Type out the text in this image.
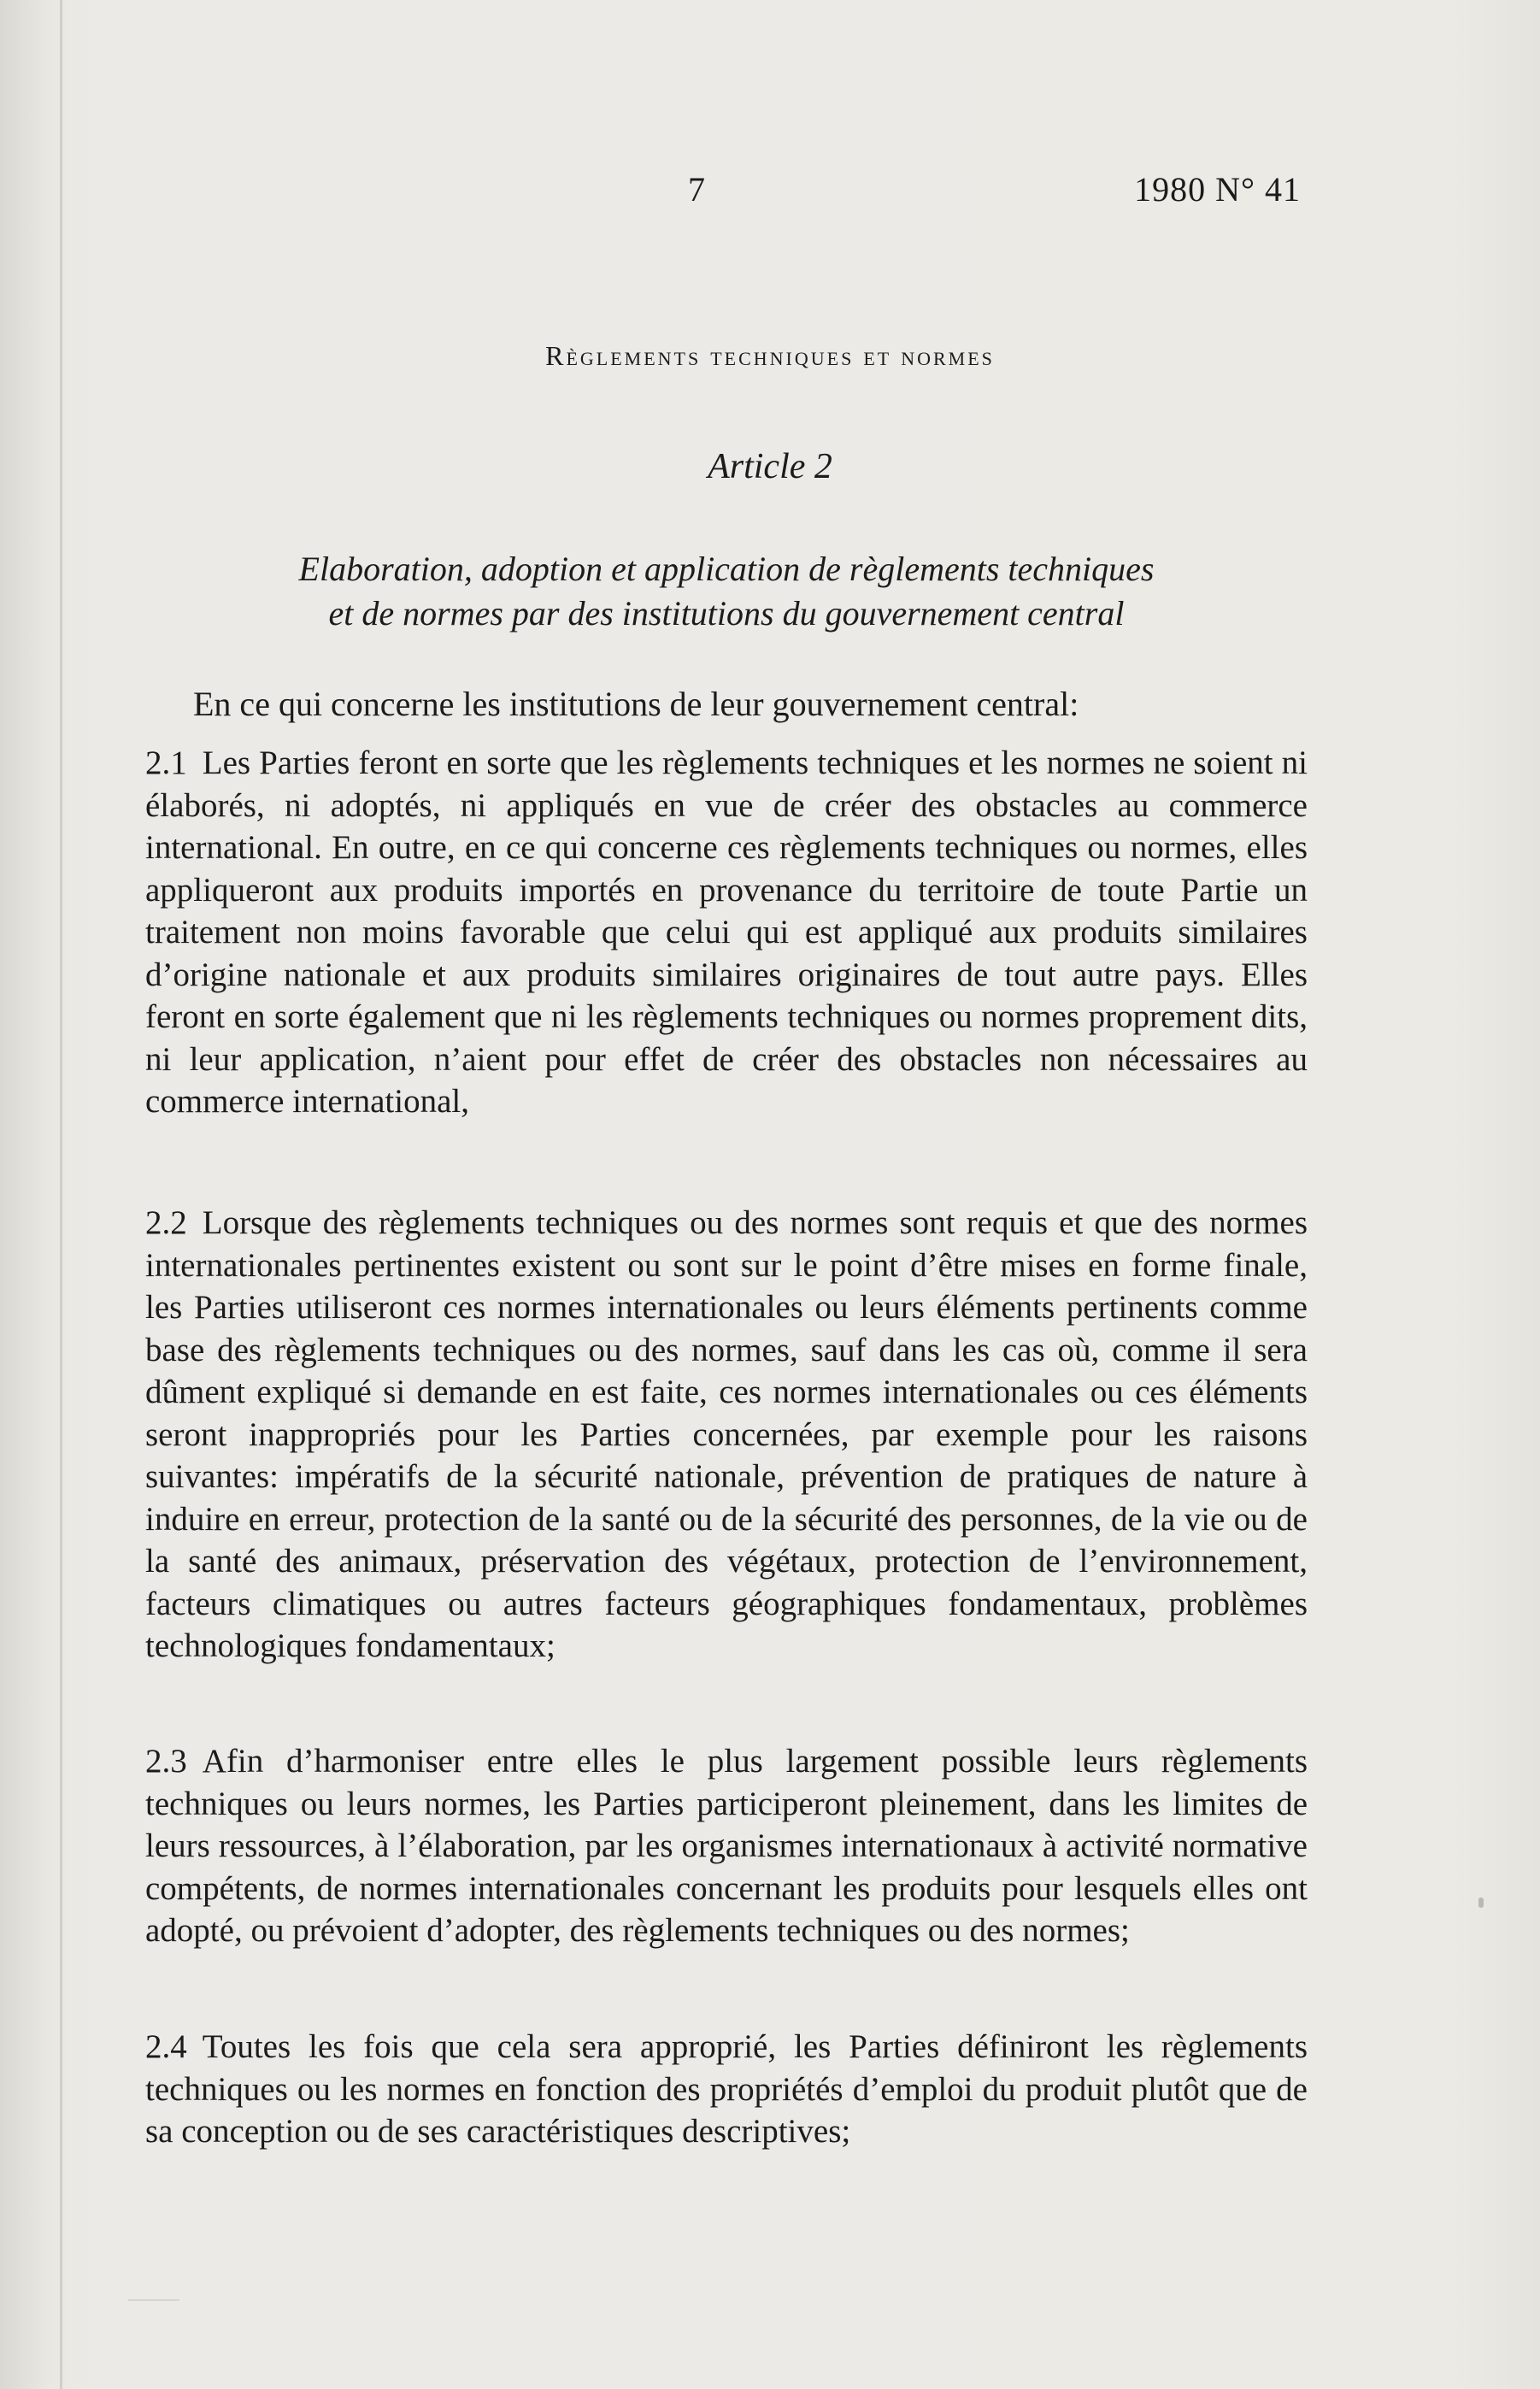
7	1980 N° 41
Règlements techniques et normes
Article 2
Elaboration, adoption et application de règlements techniques
et de normes par des institutions du gouvernement central
En ce qui concerne les institutions de leur gouvernement central:
2.1 Les Parties feront en sorte que les règlements techniques et les normes ne soient ni élaborés, ni adoptés, ni appliqués en vue de créer des obstacles au commerce international. En outre, en ce qui concerne ces règlements techniques ou normes, elles appliqueront aux produits importés en provenance du territoire de toute Partie un traitement non moins favorable que celui qui est appliqué aux produits similaires d’origine nationale et aux produits similaires originaires de tout autre pays. Elles feront en sorte également que ni les règlements techniques ou normes proprement dits, ni leur application, n’aient pour effet de créer des obstacles non nécessaires au commerce international,
2.2 Lorsque des règlements techniques ou des normes sont requis et que des normes internationales pertinentes existent ou sont sur le point d’être mises en forme finale, les Parties utiliseront ces normes internationales ou leurs éléments pertinents comme base des règlements techniques ou des normes, sauf dans les cas où, comme il sera dûment expliqué si demande en est faite, ces normes internationales ou ces éléments seront inappropriés pour les Parties concernées, par exemple pour les raisons suivantes: impératifs de la sécurité nationale, prévention de pratiques de nature à induire en erreur, protection de la santé ou de la sécurité des personnes, de la vie ou de la santé des animaux, préservation des végétaux, protection de l’environnement, facteurs climatiques ou autres facteurs géographiques fondamentaux, problèmes technologiques fondamentaux;
2.3 Afin d’harmoniser entre elles le plus largement possible leurs règlements techniques ou leurs normes, les Parties participeront pleinement, dans les limites de leurs ressources, à l’élaboration, par les organismes internationaux à activité normative compétents, de normes internationales concernant les produits pour lesquels elles ont adopté, ou prévoient d’adopter, des règlements techniques ou des normes;
2.4 Toutes les fois que cela sera approprié, les Parties définiront les règlements techniques ou les normes en fonction des propriétés d’emploi du produit plutôt que de sa conception ou de ses caractéristiques descriptives;
